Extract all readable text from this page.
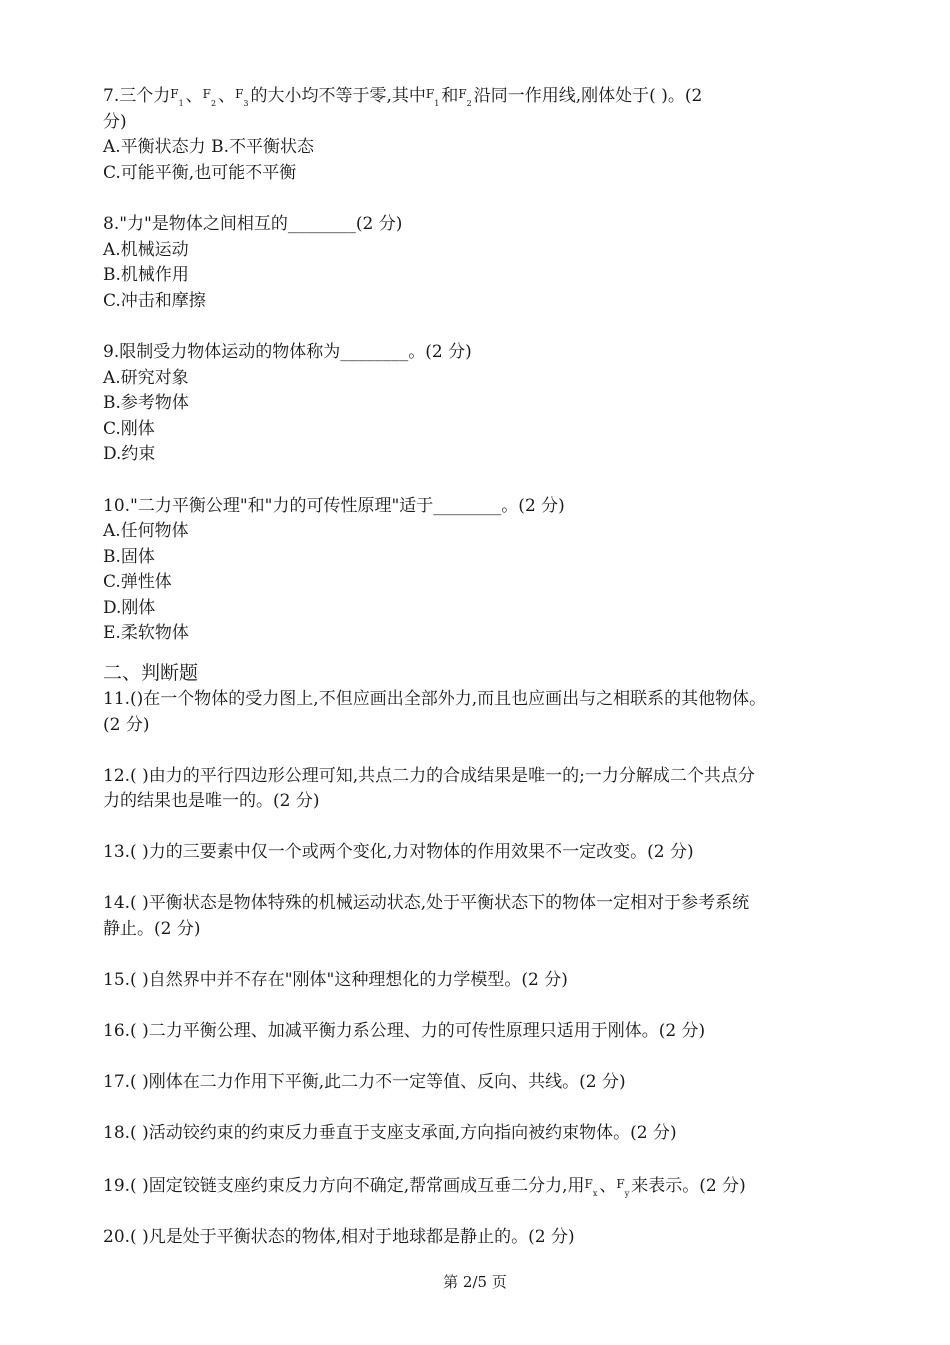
7.三个力$F_1$ 、$F_2$ 、$F_3$ 的大小均不等于零,其中$F_1$ 和$F_2$ 沿同一作用线,刚体处于( )。(2
分)
A.平衡状态力 B.不平衡状态
C.可能平衡,也可能不平衡
8."力"是物体之间相互的________(2 分)
A.机械运动
B.机械作用
C.冲击和摩擦
9.限制受力物体运动的物体称为________。(2 分)
A.研究对象
B.参考物体
C.刚体
D.约束
10."二力平衡公理"和"力的可传性原理"适于________。(2 分)
A.任何物体
B.固体
C.弹性体
D.刚体
E.柔软物体
二、判断题
11.()在一个物体的受力图上,不但应画出全部外力,而且也应画出与之相联系的其他物体。
(2 分)
12.( )由力的平行四边形公理可知,共点二力的合成结果是唯一的;一力分解成二个共点分
力的结果也是唯一的。(2 分)
13.( )力的三要素中仅一个或两个变化,力对物体的作用效果不一定改变。(2 分)
14.( )平衡状态是物体特殊的机械运动状态,处于平衡状态下的物体一定相对于参考系统
静止。(2 分)
15.( )自然界中并不存在"刚体"这种理想化的力学模型。(2 分)
16.( )二力平衡公理、加减平衡力系公理、力的可传性原理只适用于刚体。(2 分)
17.( )刚体在二力作用下平衡,此二力不一定等值、反向、共线。(2 分)
18.( )活动铰约束的约束反力垂直于支座支承面,方向指向被约束物体。(2 分)
19.( )固定铰链支座约束反力方向不确定,帮常画成互垂二分力,用$F_x$ 、$F_y$ 来表示。(2 分)
20.( )凡是处于平衡状态的物体,相对于地球都是静止的。(2 分)
第 2/5 页
